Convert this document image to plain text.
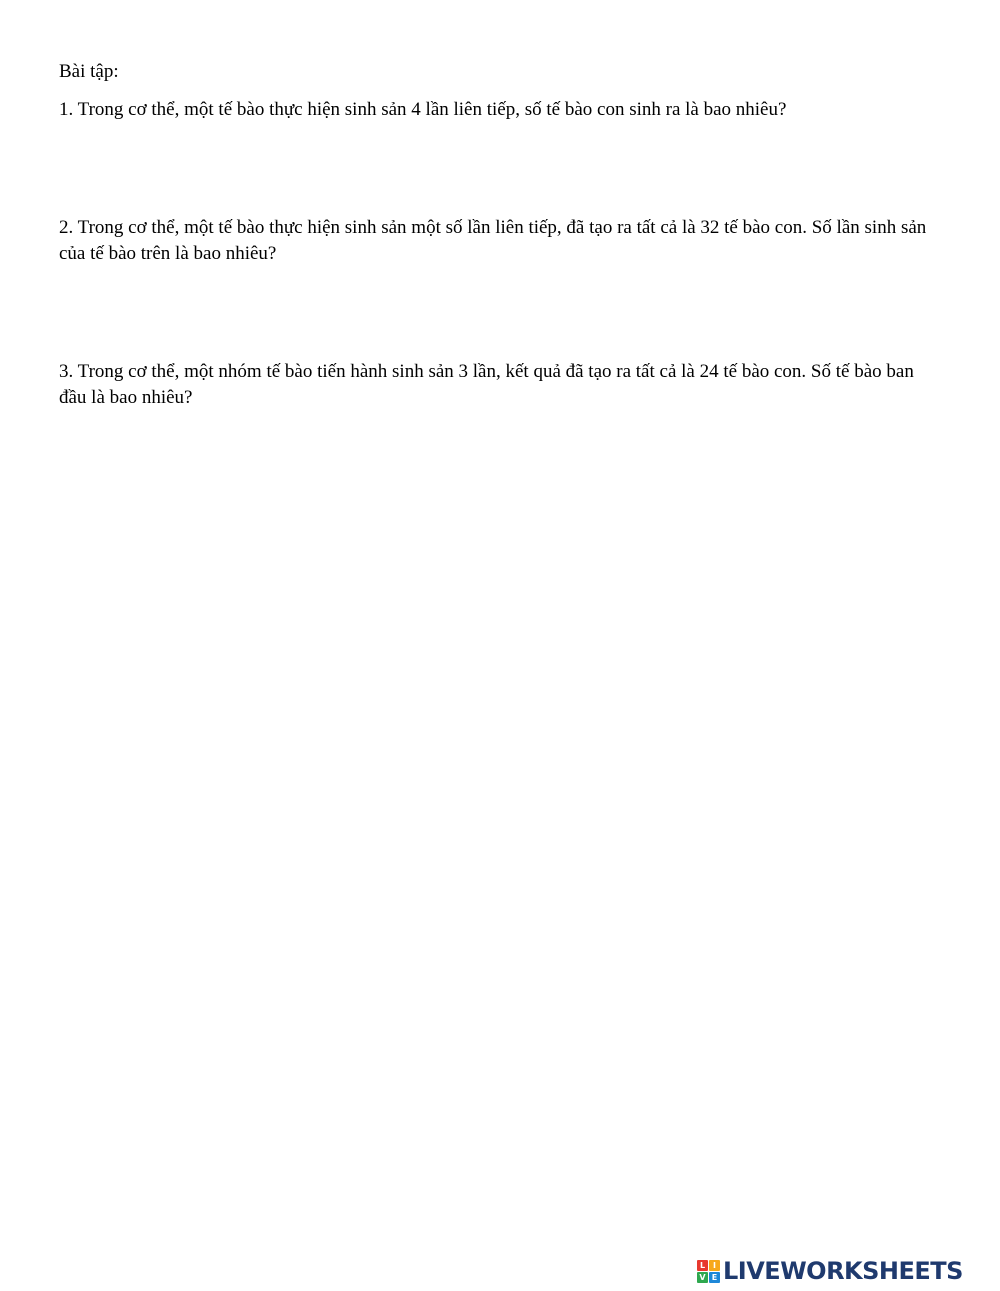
Bài tập:
1. Trong cơ thể, một tế bào thực hiện sinh sản 4 lần liên tiếp, số tế bào con sinh ra là bao nhiêu?
2. Trong cơ thể, một tế bào thực hiện sinh sản một số lần liên tiếp, đã tạo ra tất cả là 32 tế bào con. Số lần sinh sản của tế bào trên là bao nhiêu?
3. Trong cơ thể, một nhóm tế bào tiến hành sinh sản 3 lần, kết quả đã tạo ra tất cả là 24 tế bào con. Số tế bào ban đầu là bao nhiêu?
L I
V E LIVEWORKSHEETS
